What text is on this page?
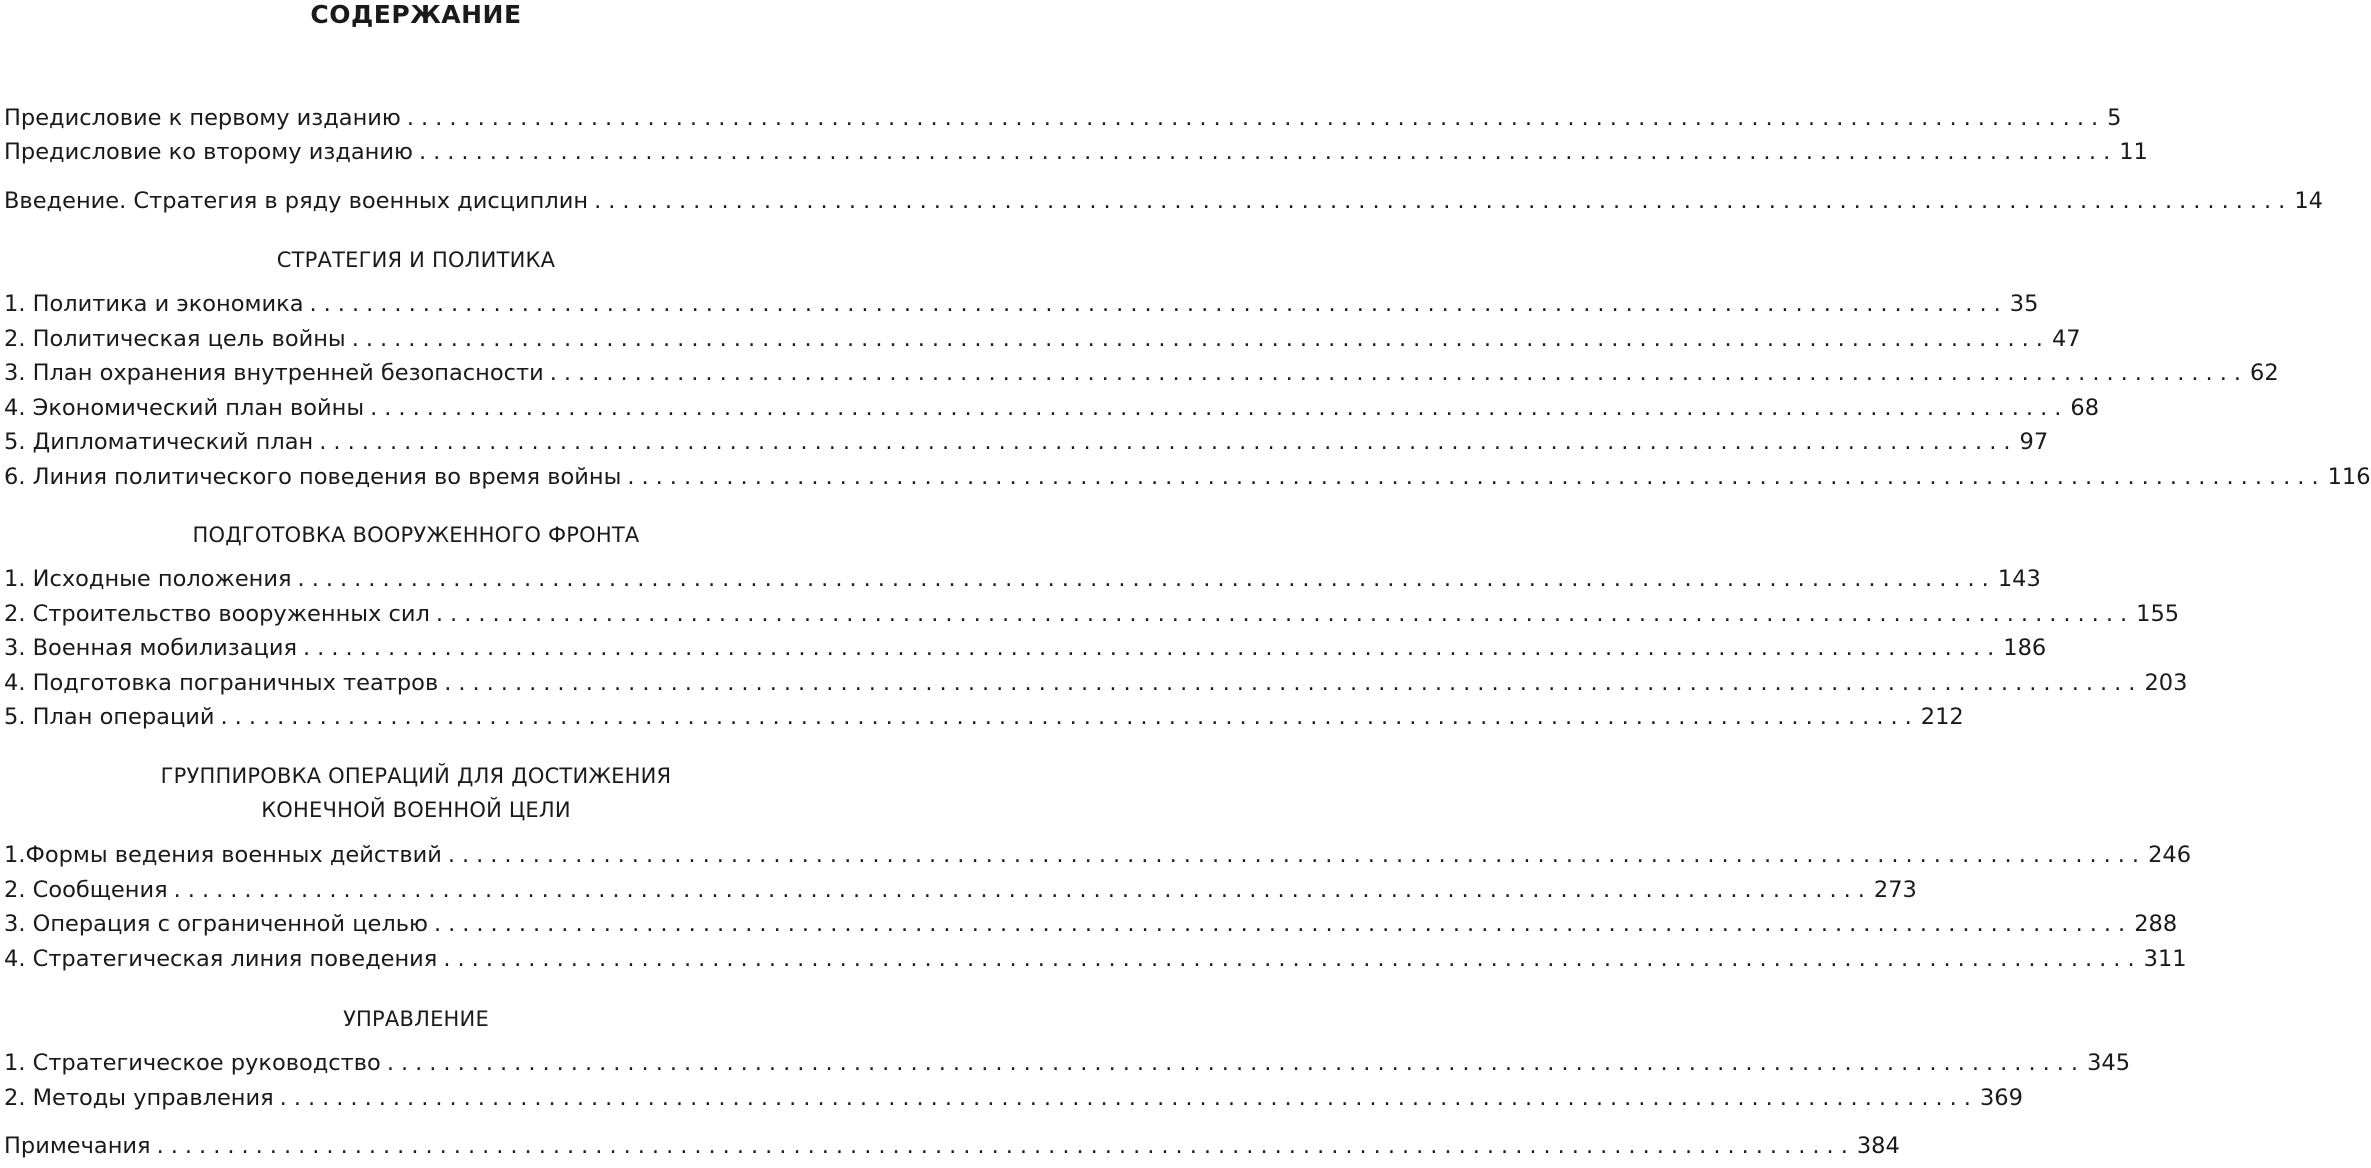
СОДЕРЖАНИЕ
Предисловие к первому изданию ........................................................................................................................ 5
Предисловие ко второму изданию ........................................................................................................................ 11
Введение. Стратегия в ряду военных дисциплин ........................................................................................................................ 14
СТРАТЕГИЯ И ПОЛИТИКА
1. Политика и экономика ........................................................................................................................ 35
2. Политическая цель войны ........................................................................................................................ 47
3. План охранения внутренней безопасности ........................................................................................................................ 62
4. Экономический план войны ........................................................................................................................ 68
5. Дипломатический план ........................................................................................................................ 97
6. Линия политического поведения во время войны ........................................................................................................................ 116
ПОДГОТОВКА ВООРУЖЕННОГО ФРОНТА
1. Исходные положения ........................................................................................................................ 143
2. Строительство вооруженных сил ........................................................................................................................ 155
3. Военная мобилизация ........................................................................................................................ 186
4. Подготовка пограничных театров ........................................................................................................................ 203
5. План операций ........................................................................................................................ 212
ГРУППИРОВКА ОПЕРАЦИЙ ДЛЯ ДОСТИЖЕНИЯ
КОНЕЧНОЙ ВОЕННОЙ ЦЕЛИ
1.Формы ведения военных действий ........................................................................................................................ 246
2. Сообщения ........................................................................................................................ 273
3. Операция с ограниченной целью ........................................................................................................................ 288
4. Стратегическая линия поведения ........................................................................................................................ 311
УПРАВЛЕНИЕ
1. Стратегическое руководство ........................................................................................................................ 345
2. Методы управления ........................................................................................................................ 369
Примечания ........................................................................................................................ 384
